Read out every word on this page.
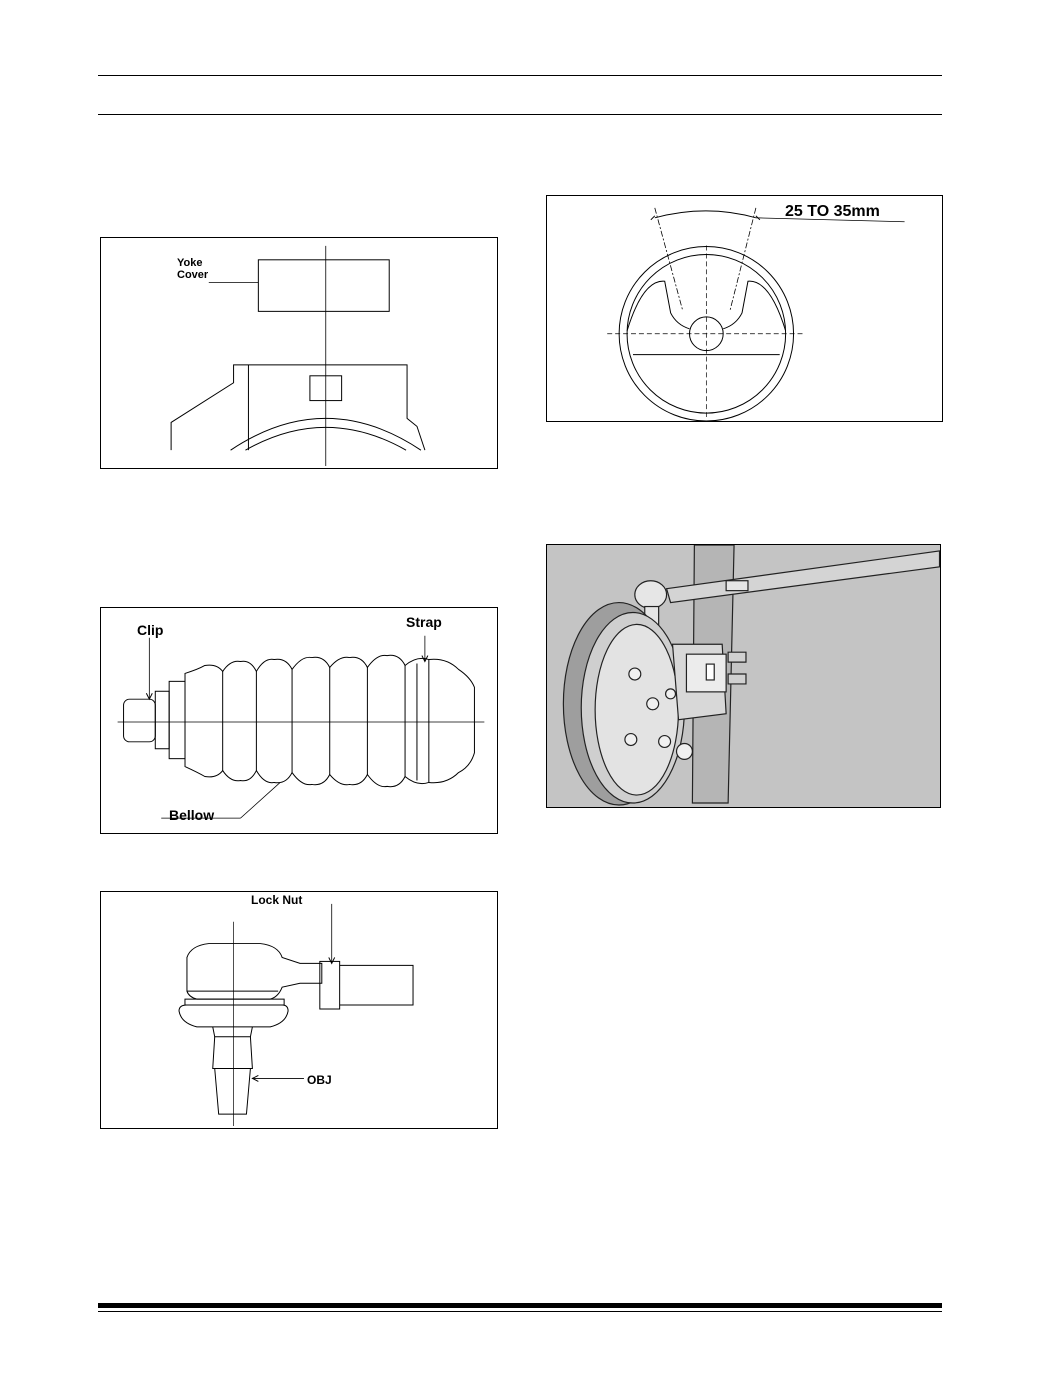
Yoke
Cover
25 TO 35mm
Clip	Strap
Bellow
Lock Nut
OBJ
